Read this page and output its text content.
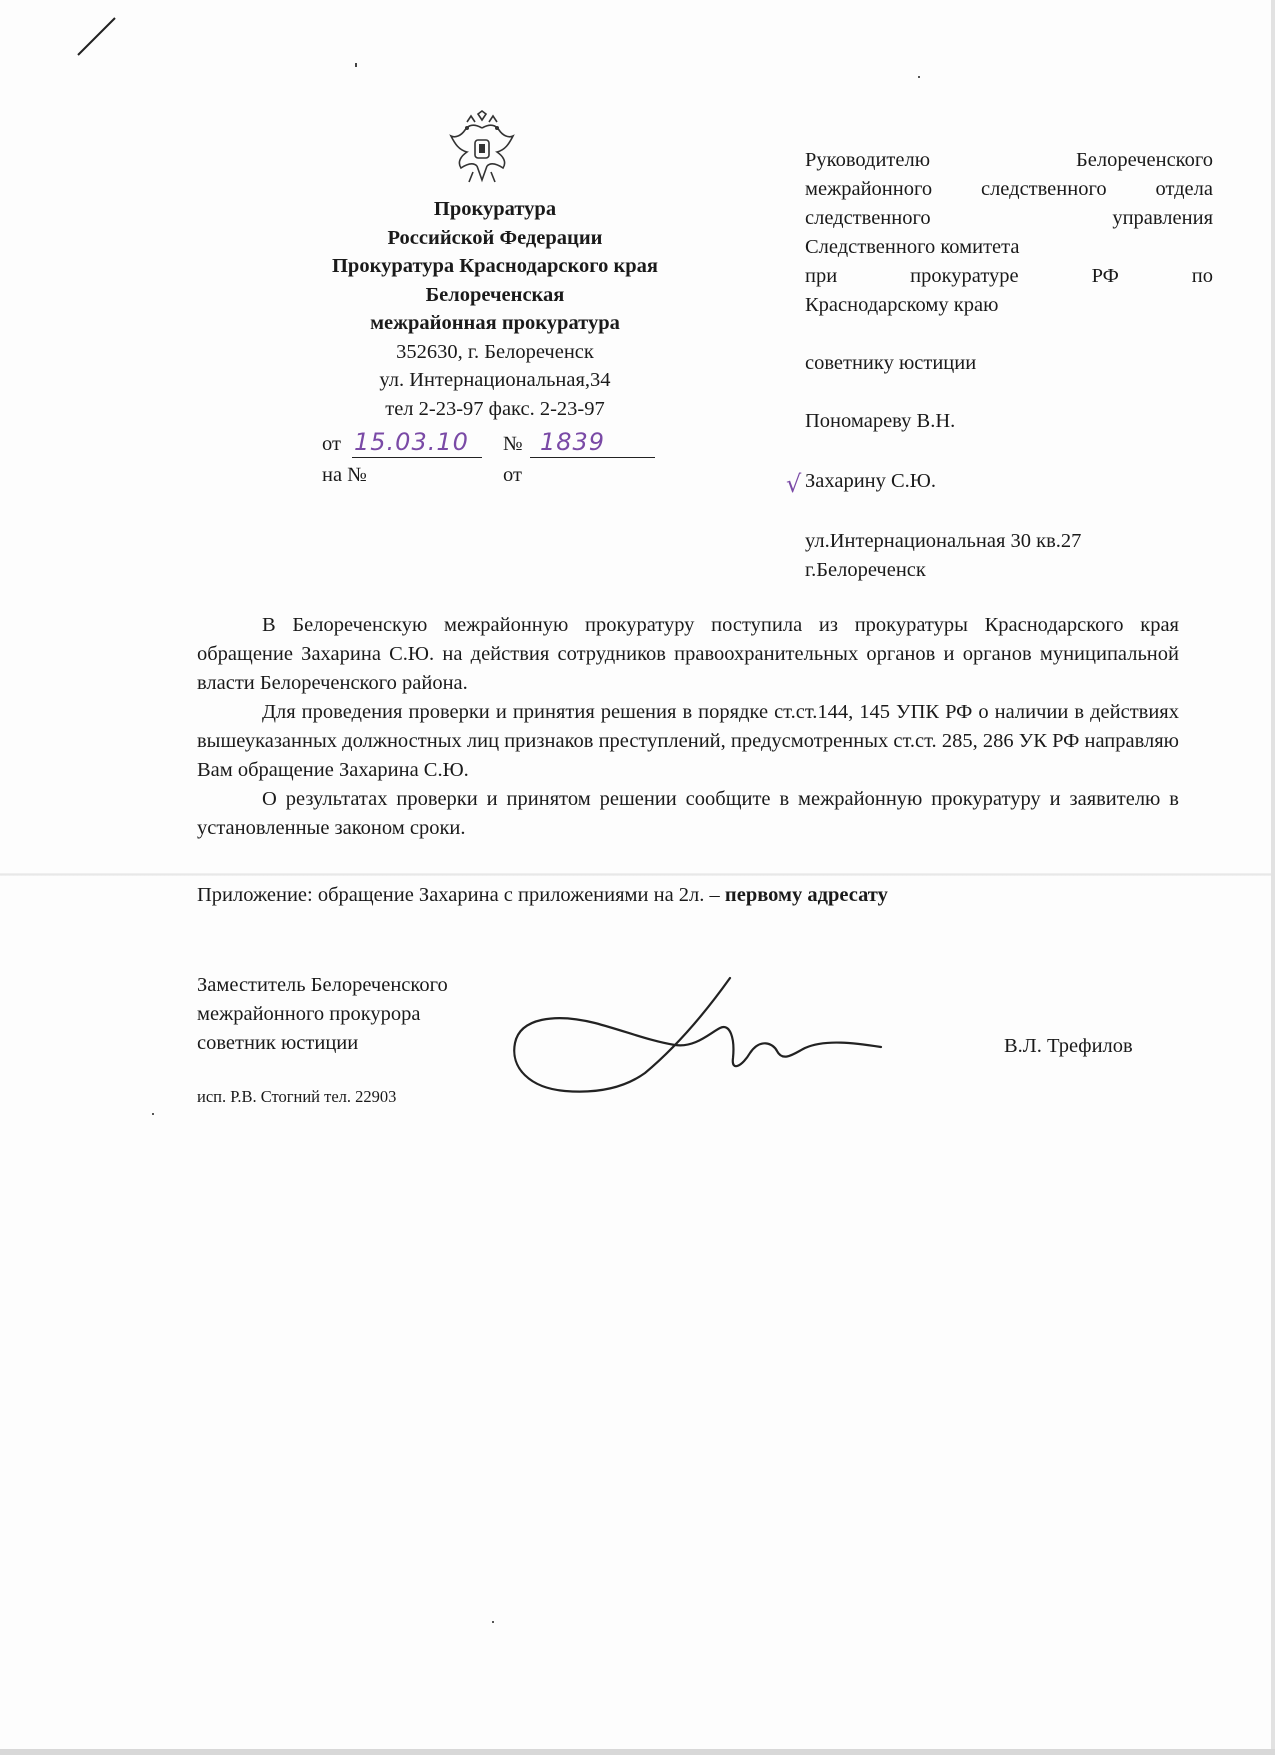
Прокуратура
Российской Федерации
Прокуратура Краснодарского края
Белореченская
межрайонная прокуратура
352630, г. Белореченск
ул. Интернациональная,34
тел 2-23-97 факс. 2-23-97
от 15.03.10 № 1839
на №	от
Руководителю Белореченского
межрайонного следственного отдела
следственного управления
Следственного комитета
при прокуратуре РФ по
Краснодарскому краю
советнику юстиции
Пономареву В.Н.
Захарину С.Ю.
ул.Интернациональная 30 кв.27
г.Белореченск
√

В Белореченскую межрайонную прокуратуру поступила из прокуратуры Краснодарского края обращение Захарина С.Ю. на действия сотрудников правоохранительных органов и органов муниципальной власти Белореченского района.

Для проведения проверки и принятия решения в порядке ст.ст.144, 145 УПК РФ о наличии в действиях вышеуказанных должностных лиц признаков преступлений, предусмотренных ст.ст. 285, 286 УК РФ направляю Вам обращение Захарина С.Ю.

О результатах проверки и принятом решении сообщите в межрайонную прокуратуру и заявителю в установленные законом сроки.

Приложение: обращение Захарина с приложениями на 2л. – первому адресату
Заместитель Белореченского
межрайонного прокурора
советник юстиции	В.Л. Трефилов
исп. Р.В. Стогний тел. 22903
